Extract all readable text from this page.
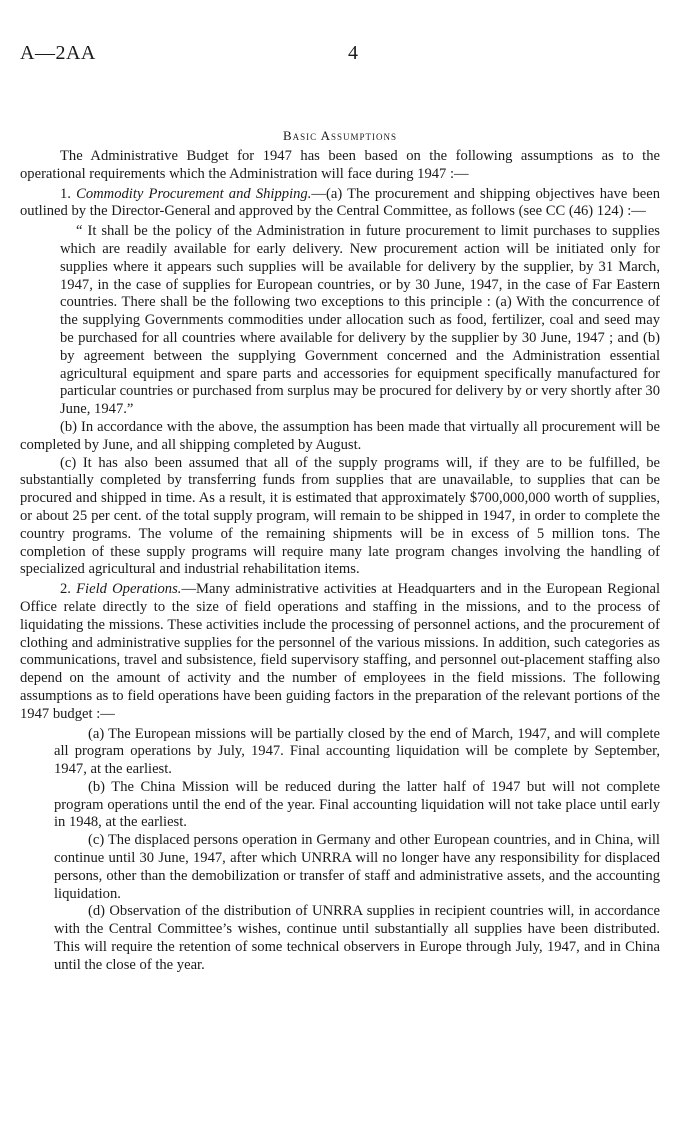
A—2AA	4
Basic Assumptions

The Administrative Budget for 1947 has been based on the following assumptions as to the operational requirements which the Administration will face during 1947 :—

1. Commodity Procurement and Shipping.—(a) The procurement and shipping objectives have been outlined by the Director-General and approved by the Central Committee, as follows (see CC (46) 124) :—

“ It shall be the policy of the Administration in future procurement to limit purchases to supplies which are readily available for early delivery. New procurement action will be initiated only for supplies where it appears such supplies will be available for delivery by the supplier, by 31 March, 1947, in the case of supplies for European countries, or by 30 June, 1947, in the case of Far Eastern countries. There shall be the following two exceptions to this principle : (a) With the concurrence of the supplying Governments commodities under allocation such as food, fertilizer, coal and seed may be purchased for all countries where available for delivery by the supplier by 30 June, 1947 ; and (b) by agreement between the supplying Government concerned and the Administration essential agricultural equipment and spare parts and accessories for equipment specifically manufactured for particular countries or purchased from surplus may be procured for delivery by or very shortly after 30 June, 1947.”

(b) In accordance with the above, the assumption has been made that virtually all procurement will be completed by June, and all shipping completed by August.

(c) It has also been assumed that all of the supply programs will, if they are to be fulfilled, be substantially completed by transferring funds from supplies that are unavailable, to supplies that can be procured and shipped in time. As a result, it is estimated that approximately $700,000,000 worth of supplies, or about 25 per cent. of the total supply program, will remain to be shipped in 1947, in order to complete the country programs. The volume of the remaining shipments will be in excess of 5 million tons. The completion of these supply programs will require many late program changes involving the handling of specialized agricultural and industrial rehabilitation items.

2. Field Operations.—Many administrative activities at Headquarters and in the European Regional Office relate directly to the size of field operations and staffing in the missions, and to the process of liquidating the missions. These activities include the processing of personnel actions, and the procurement of clothing and administrative supplies for the personnel of the various missions. In addition, such categories as communications, travel and subsistence, field supervisory staffing, and personnel out-placement staffing also depend on the amount of activity and the number of employees in the field missions. The following assumptions as to field operations have been guiding factors in the preparation of the relevant portions of the 1947 budget :—

(a) The European missions will be partially closed by the end of March, 1947, and will complete all program operations by July, 1947. Final accounting liquidation will be complete by September, 1947, at the earliest.

(b) The China Mission will be reduced during the latter half of 1947 but will not complete program operations until the end of the year. Final accounting liquidation will not take place until early in 1948, at the earliest.

(c) The displaced persons operation in Germany and other European countries, and in China, will continue until 30 June, 1947, after which UNRRA will no longer have any responsibility for displaced persons, other than the demobilization or transfer of staff and administrative assets, and the accounting liquidation.

(d) Observation of the distribution of UNRRA supplies in recipient countries will, in accordance with the Central Committee’s wishes, continue until substantially all supplies have been distributed. This will require the retention of some technical observers in Europe through July, 1947, and in China until the close of the year.
